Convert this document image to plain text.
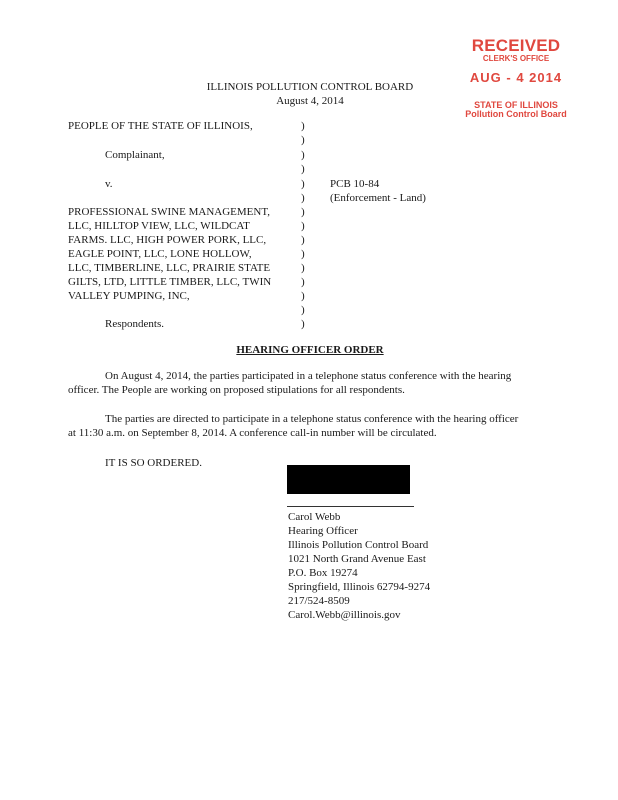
RECEIVED
CLERK'S OFFICE
AUG - 4 2014
STATE OF ILLINOIS
Pollution Control Board
ILLINOIS POLLUTION CONTROL BOARD
August 4, 2014
PEOPLE OF THE STATE OF ILLINOIS,
Complainant,
v.
PROFESSIONAL SWINE MANAGEMENT,
LLC, HILLTOP VIEW, LLC, WILDCAT
FARMS. LLC, HIGH POWER PORK, LLC,
EAGLE POINT, LLC, LONE HOLLOW,
LLC, TIMBERLINE, LLC, PRAIRIE STATE
GILTS, LTD, LITTLE TIMBER, LLC, TWIN
VALLEY PUMPING, INC,
Respondents.
)
)
)
)
)
)
)
)
)
)
)
)
)
)
)
PCB 10-84
(Enforcement - Land)
HEARING OFFICER ORDER
On August 4, 2014, the parties participated in a telephone status conference with the hearing officer. The People are working on proposed stipulations for all respondents.
The parties are directed to participate in a telephone status conference with the hearing officer at 11:30 a.m. on September 8, 2014. A conference call-in number will be circulated.
IT IS SO ORDERED.
Carol Webb
Hearing Officer
Illinois Pollution Control Board
1021 North Grand Avenue East
P.O. Box 19274
Springfield, Illinois 62794-9274
217/524-8509
Carol.Webb@illinois.gov
